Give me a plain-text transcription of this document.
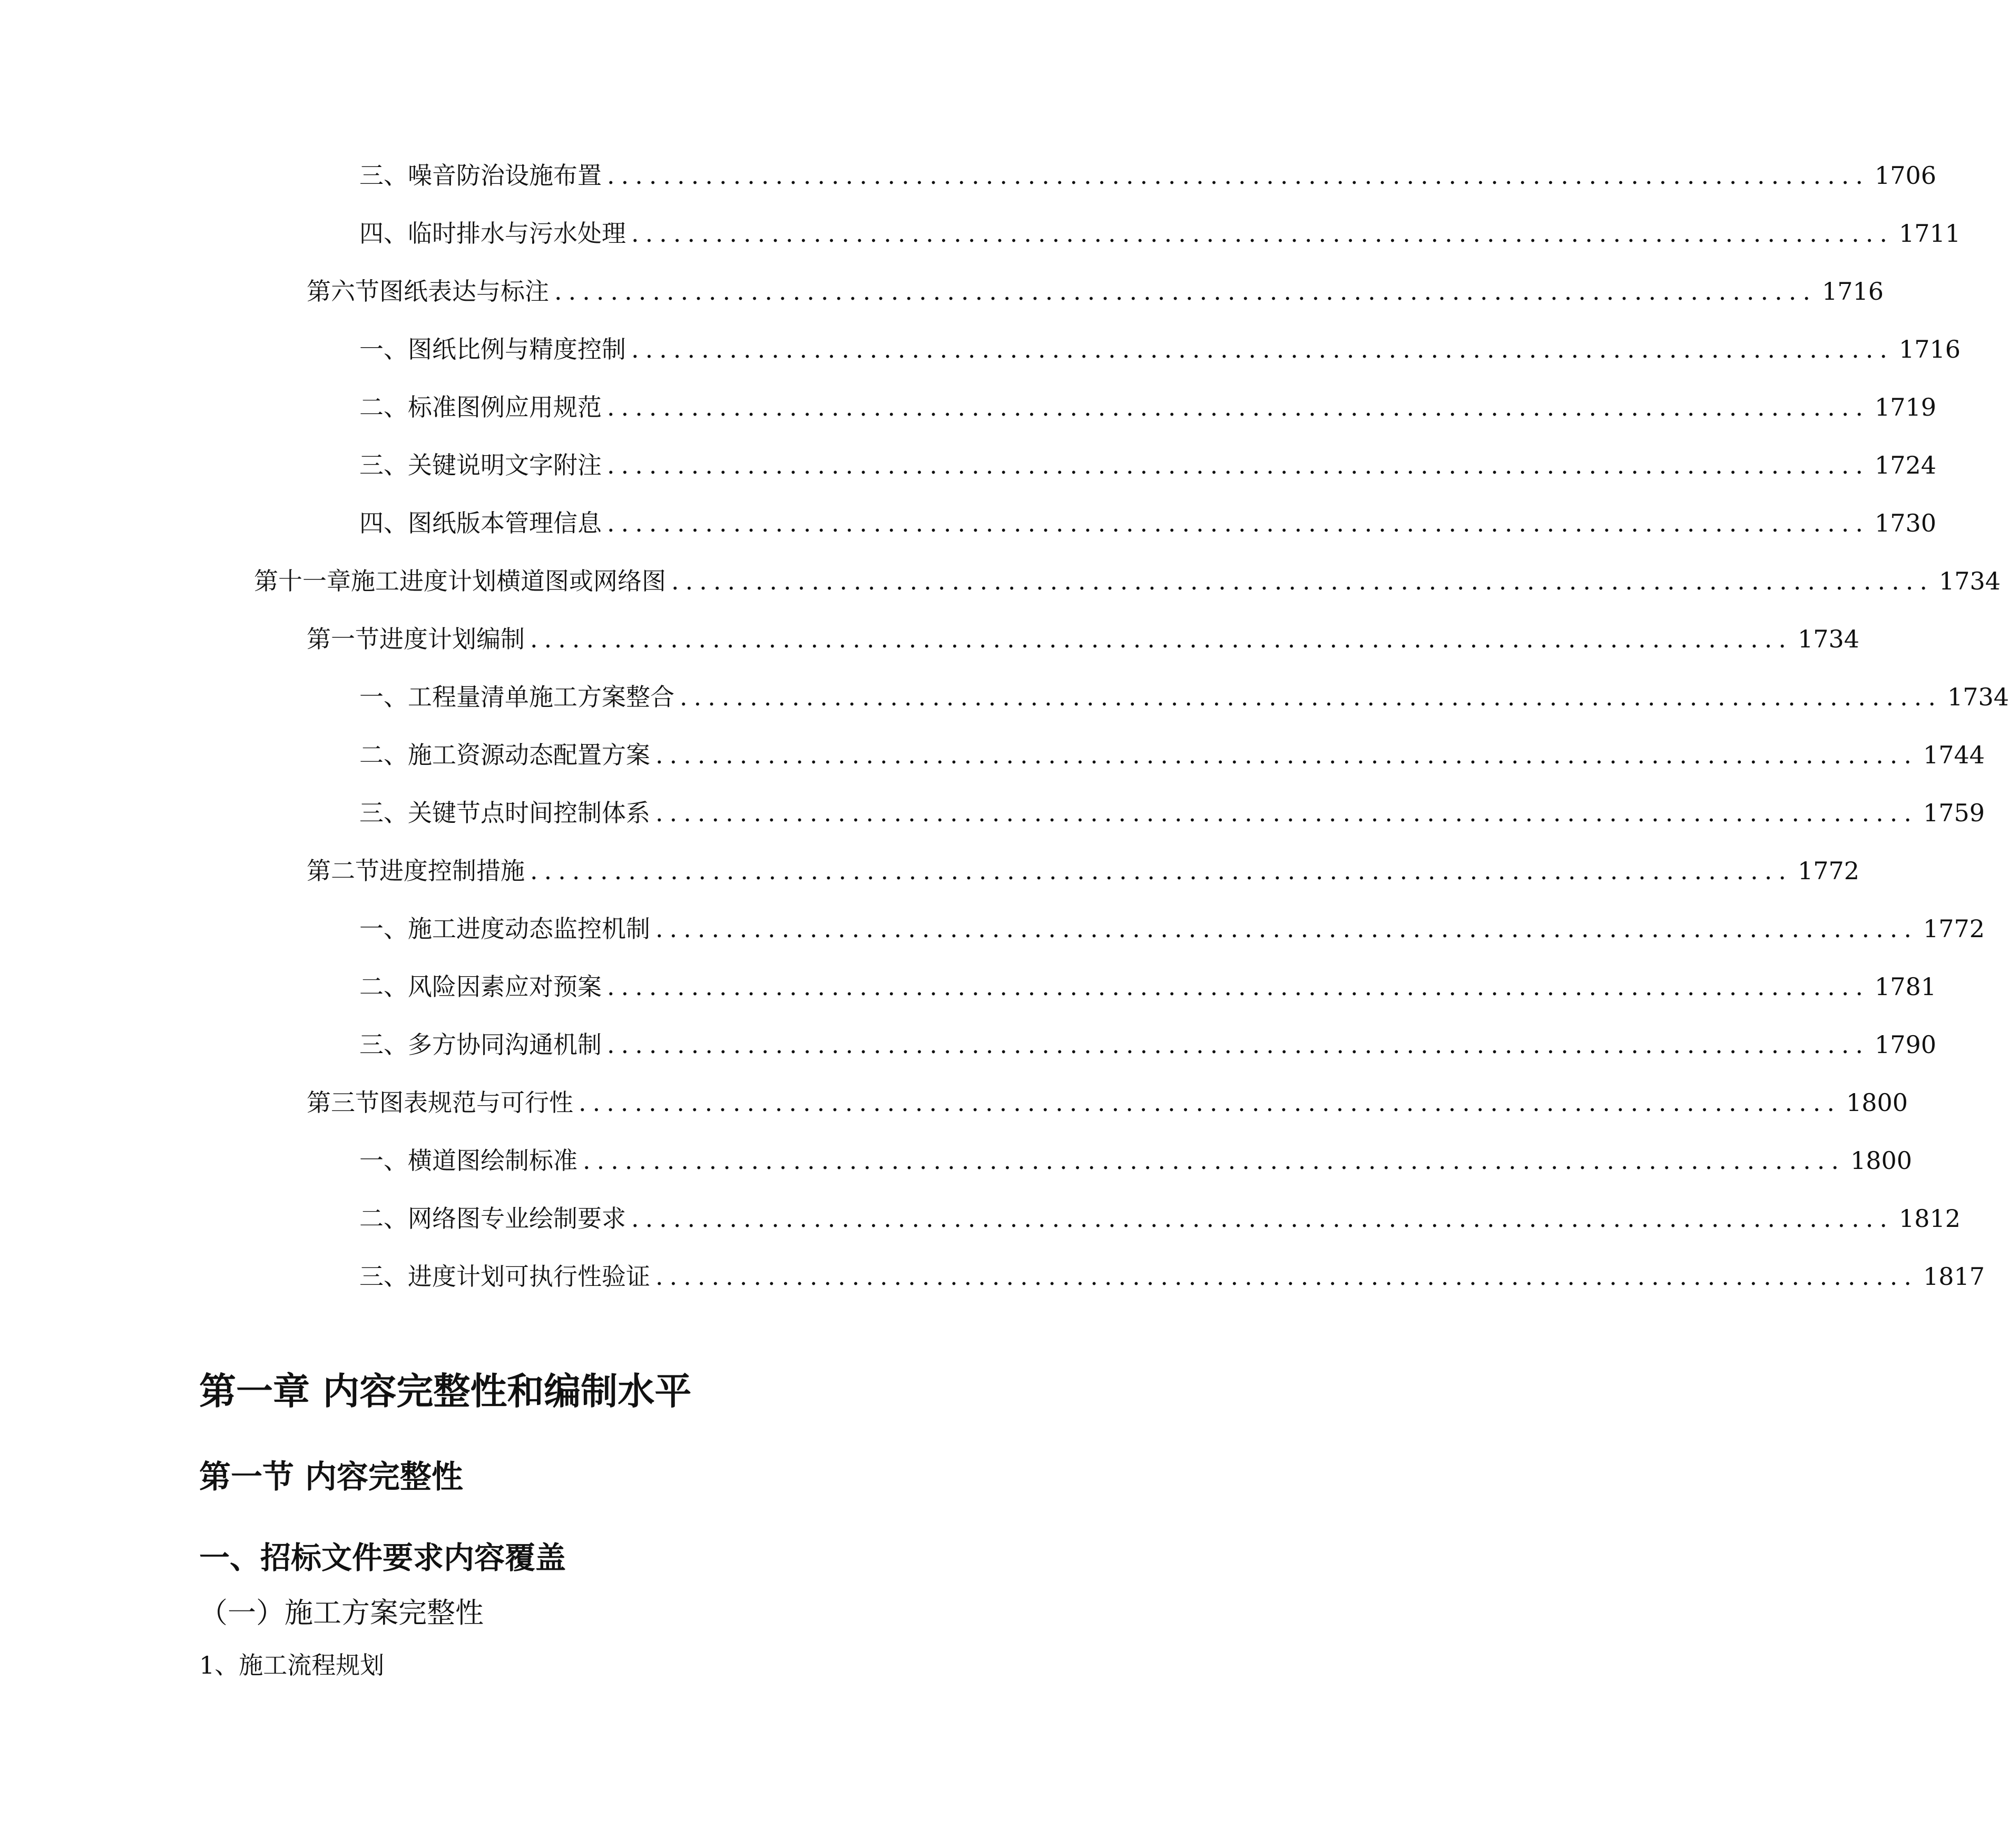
三、 噪音防治设施布置 .......................................................................................... 1706
四、 临时排水与污水处理 .......................................................................................... 1711
第六节 图纸表达与标注 .......................................................................................... 1716
一、 图纸比例与精度控制 .......................................................................................... 1716
二、 标准图例应用规范 .......................................................................................... 1719
三、 关键说明文字附注 .......................................................................................... 1724
四、 图纸版本管理信息 .......................................................................................... 1730
第十一章 施工进度计划横道图或网络图 .......................................................................................... 1734
第一节 进度计划编制 .......................................................................................... 1734
一、 工程量清单施工方案整合 .......................................................................................... 1734
二、 施工资源动态配置方案 .......................................................................................... 1744
三、 关键节点时间控制体系 .......................................................................................... 1759
第二节 进度控制措施 .......................................................................................... 1772
一、 施工进度动态监控机制 .......................................................................................... 1772
二、 风险因素应对预案 .......................................................................................... 1781
三、 多方协同沟通机制 .......................................................................................... 1790
第三节 图表规范与可行性 .......................................................................................... 1800
一、 横道图绘制标准 .......................................................................................... 1800
二、 网络图专业绘制要求 .......................................................................................... 1812
三、 进度计划可执行性验证 .......................................................................................... 1817
第一章 内容完整性和编制水平
第一节 内容完整性
一、招标文件要求内容覆盖
（一）施工方案完整性
1、施工流程规划
